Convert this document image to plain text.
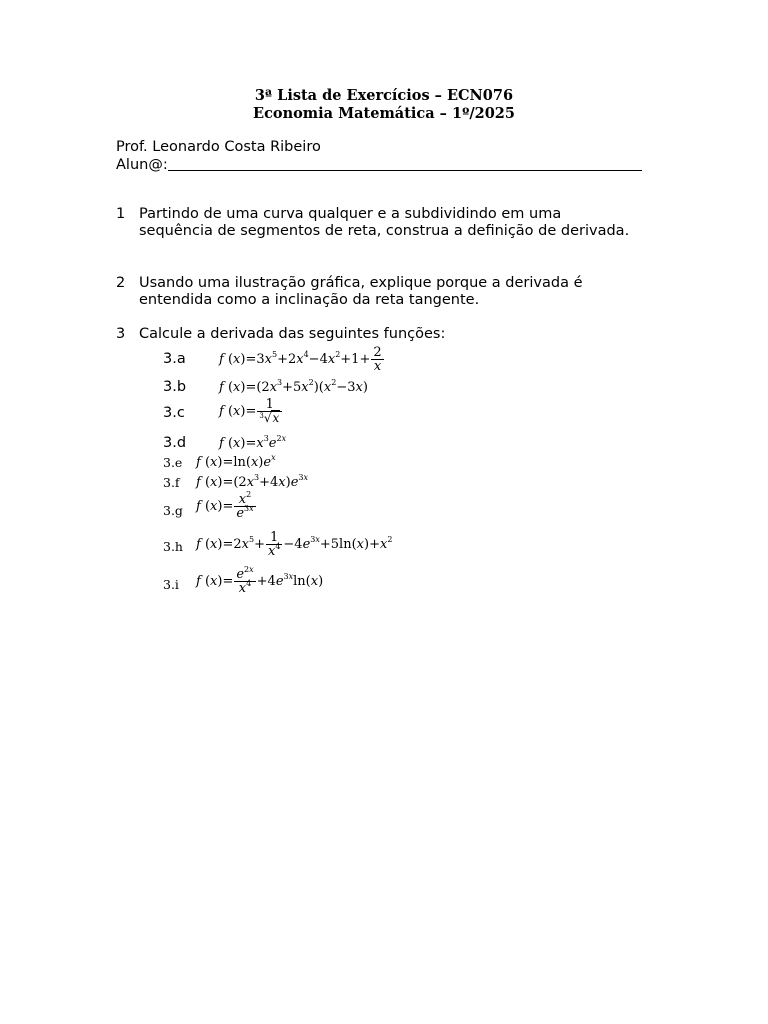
3ª Lista de Exercícios – ECN076
Economia Matemática – 1º/2025
Prof. Leonardo Costa Ribeiro
Alun@:
1 Partindo de uma curva qualquer e a subdividindo em uma sequência de segmentos de reta, construa a definição de derivada.
2 Usando uma ilustração gráfica, explique porque a derivada é entendida como a inclinação da reta tangente.
3 Calcule a derivada das seguintes funções:
3.a	f $(x)=3x^5+2x^4-4x^2+1+ \frac{2}{x}$
3.b	f $(x)=(2x^3+5x^2)(x^2-3x)$
3.c	f $(x)= \frac{1}{^3√x}$
3.d	f $(x)=x^3e^{2x}$
3.e f $(x)=\ln(x)e^x$
3.f f $(x)=(2x^3+4x)e^{3x}$
3.g f $(x)= \frac{x^2}{e^{3x}}$
3.h f $(x)=2x^5+ \frac{1}{x^4} -4e^{3x}+5\ln(x)+x^2$
3.i f $(x)= \frac{e^{2x}}{x^4} +4e^{3x}\ln(x)$
